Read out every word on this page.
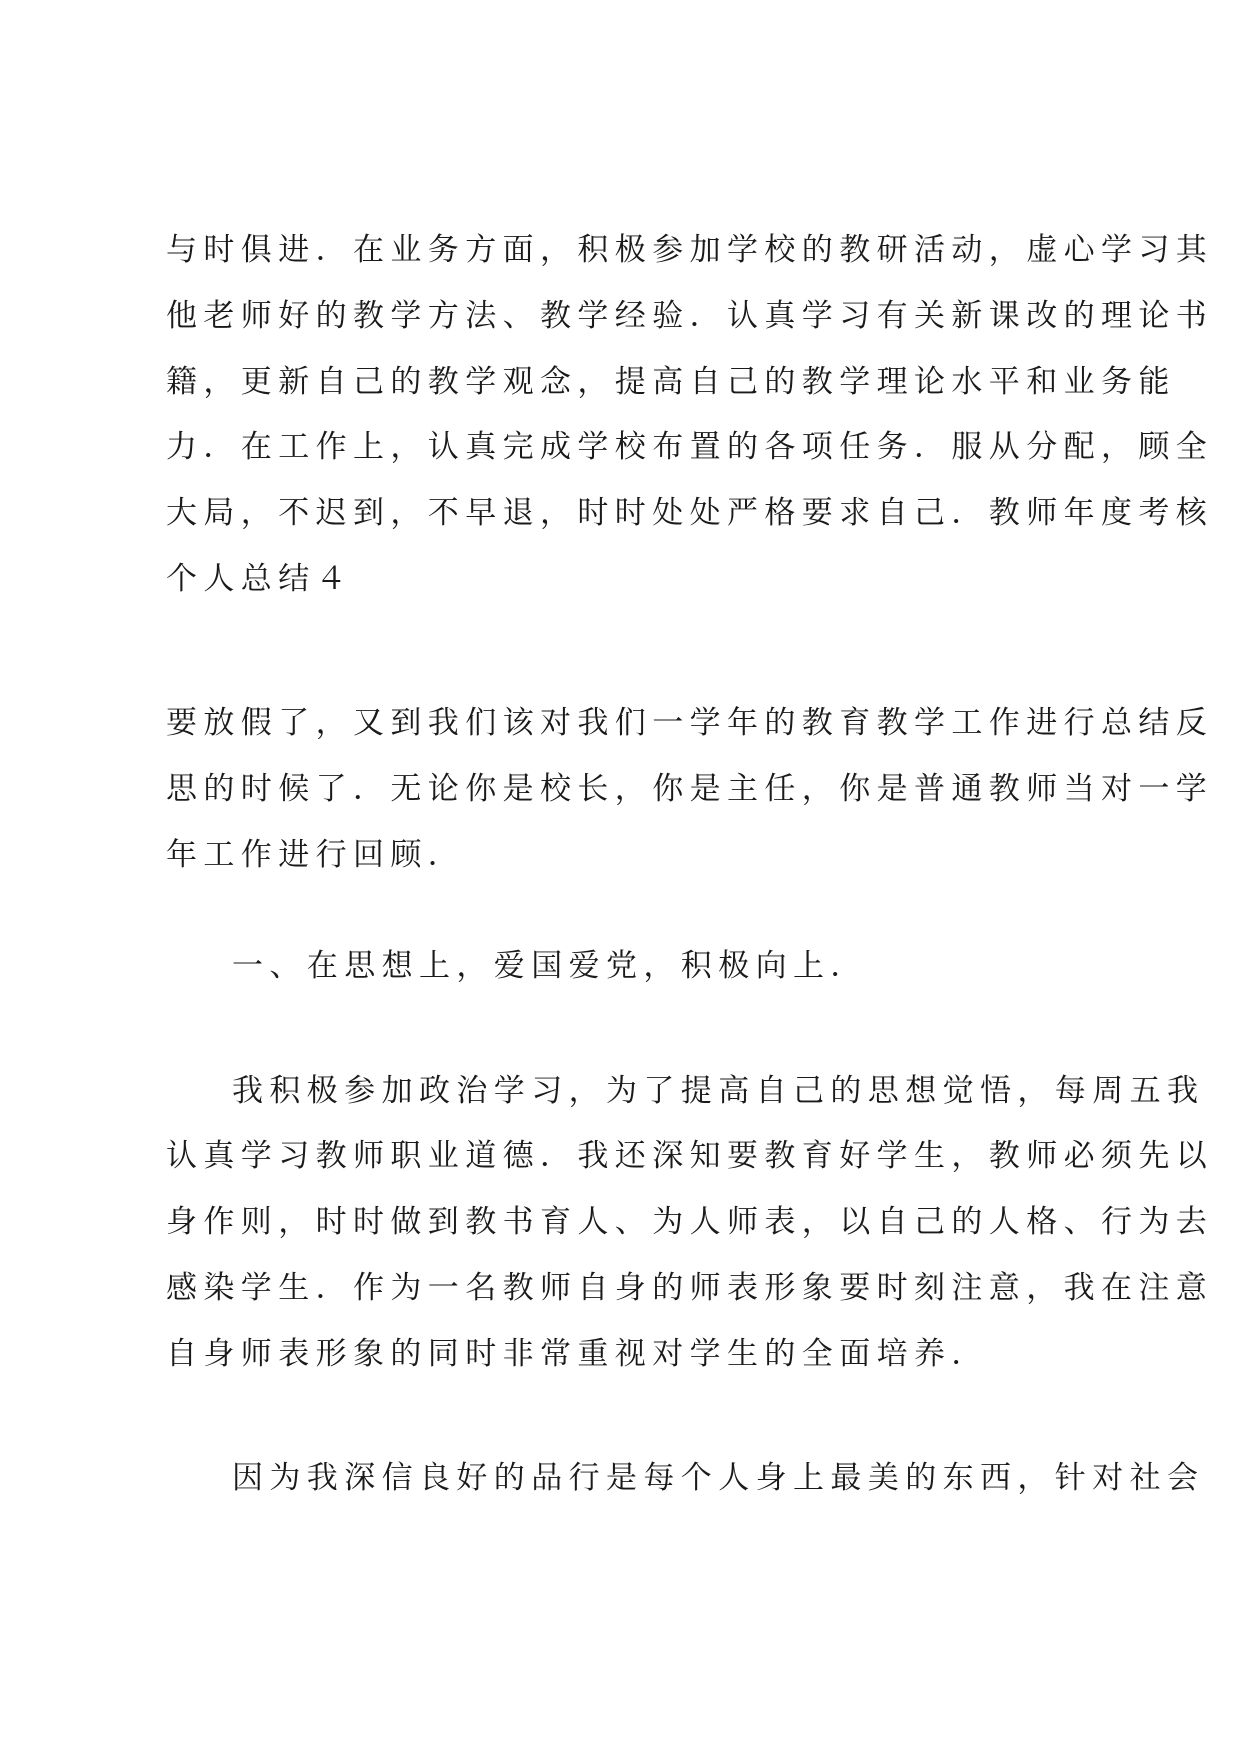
与时俱进．在业务方面，积极参加学校的教研活动，虚心学习其
他老师好的教学方法、教学经验．认真学习有关新课改的理论书
籍，更新自己的教学观念，提高自己的教学理论水平和业务能
力．在工作上，认真完成学校布置的各项任务．服从分配，顾全
大局，不迟到，不早退，时时处处严格要求自己．教师年度考核
个人总结４
要放假了，又到我们该对我们一学年的教育教学工作进行总结反
思的时候了．无论你是校长，你是主任，你是普通教师当对一学
年工作进行回顾．
一、在思想上，爱国爱党，积极向上．
我积极参加政治学习，为了提高自己的思想觉悟，每周五我
认真学习教师职业道德．我还深知要教育好学生，教师必须先以
身作则，时时做到教书育人、为人师表，以自己的人格、行为去
感染学生．作为一名教师自身的师表形象要时刻注意，我在注意
自身师表形象的同时非常重视对学生的全面培养．
因为我深信良好的品行是每个人身上最美的东西，针对社会
